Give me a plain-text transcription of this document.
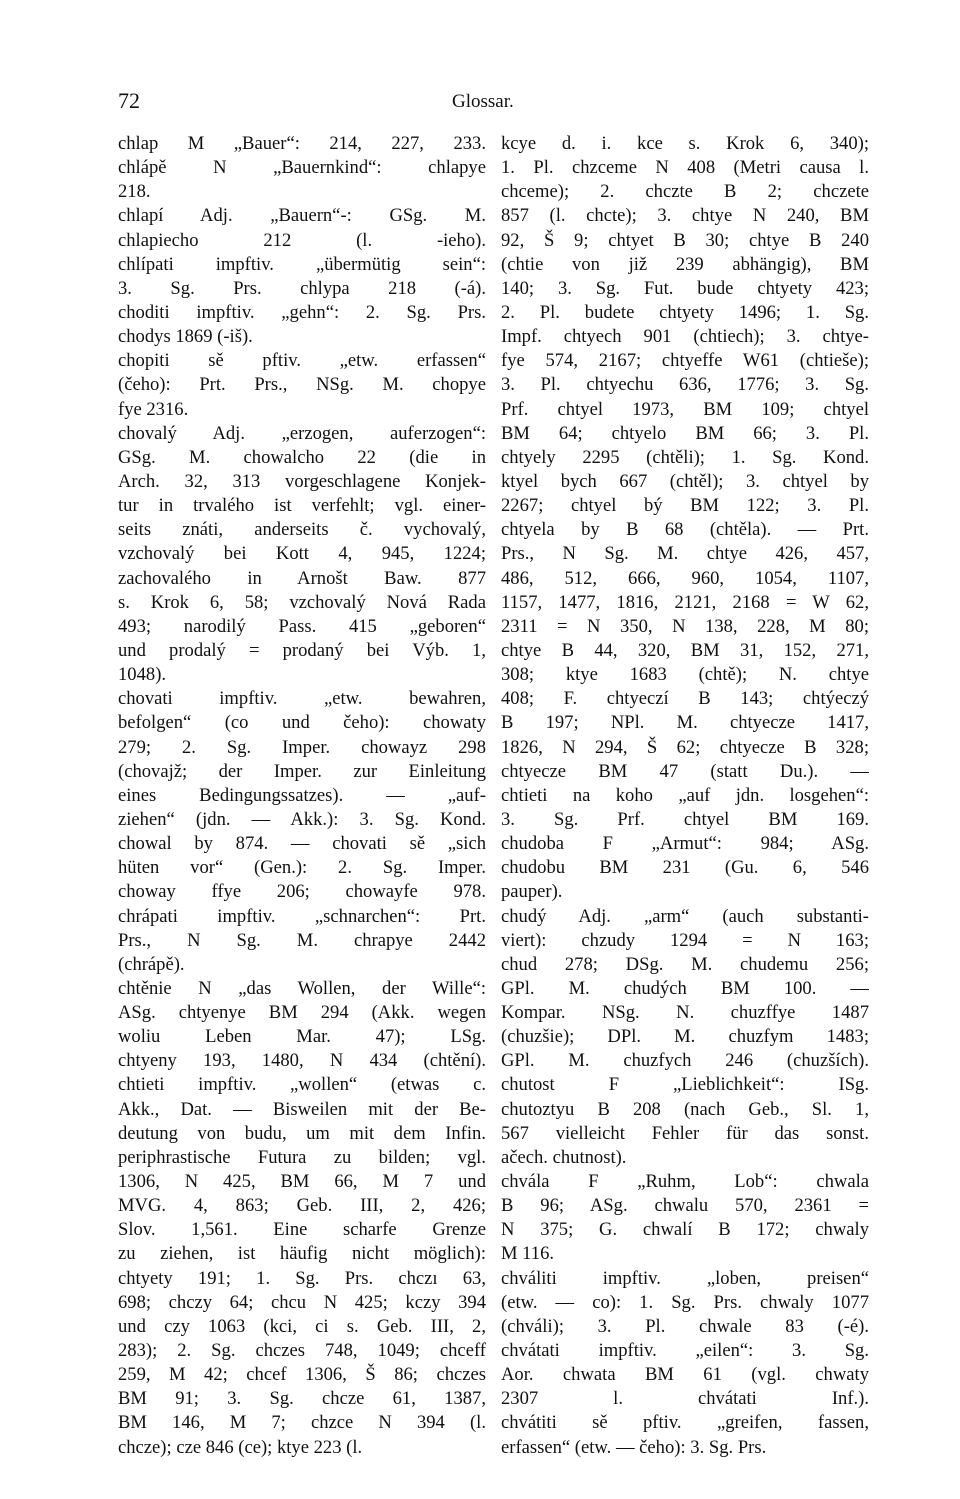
72	Glossar.
chlap M „Bauer“: 214, 227, 233.
chlápě N „Bauernkind“: chlapye
218.
chlapí Adj. „Bauern“-: GSg. M.
chlapiecho 212 (l. -ieho).
chlípati impftiv. „übermütig sein“:
3. Sg. Prs. chlypa 218 (-á).
choditi impftiv. „gehn“: 2. Sg. Prs.
chodys 1869 (-iš).
chopiti sě pftiv. „etw. erfassen“
(čeho): Prt. Prs., NSg. M. chopye
fye 2316.
chovalý Adj. „erzogen, auferzogen“:
GSg. M. chowalcho 22 (die in
Arch. 32, 313 vorgeschlagene Konjek-
tur in trvalého ist verfehlt; vgl. einer-
seits znáti, anderseits č. vychovalý,
vzchovalý bei Kott 4, 945, 1224;
zachovalého in Arnošt Baw. 877
s. Krok 6, 58; vzchovalý Nová Rada
493; narodilý Pass. 415 „geboren“
und prodalý = prodaný bei Výb. 1,
1048).
chovati impftiv. „etw. bewahren,
befolgen“ (co und čeho): chowaty
279; 2. Sg. Imper. chowayz 298
(chovajž; der Imper. zur Einleitung
eines Bedingungssatzes). — „auf-
ziehen“ (jdn. — Akk.): 3. Sg. Kond.
chowal by 874. — chovati sě „sich
hüten vor“ (Gen.): 2. Sg. Imper.
choway ffye 206; chowayfe 978.
chrápati impftiv. „schnarchen“: Prt.
Prs., N Sg. M. chrapye 2442
(chrápě).
chtěnie N „das Wollen, der Wille“:
ASg. chtyenye BM 294 (Akk. wegen
woliu Leben Mar. 47); LSg.
chtyeny 193, 1480, N 434 (chtění).
chtieti impftiv. „wollen“ (etwas c.
Akk., Dat. — Bisweilen mit der Be-
deutung von budu, um mit dem Infin.
periphrastische Futura zu bilden; vgl.
1306, N 425, BM 66, M 7 und
MVG. 4, 863; Geb. III, 2, 426;
Slov. 1,561. Eine scharfe Grenze
zu ziehen, ist häufig nicht möglich):
chtyety 191; 1. Sg. Prs. chczı 63,
698; chczy 64; chcu N 425; kczy 394
und czy 1063 (kci, ci s. Geb. III, 2,
283); 2. Sg. chczes 748, 1049; chceff
259, M 42; chcef 1306, Š 86; chczes
BM 91; 3. Sg. chcze 61, 1387,
BM 146, M 7; chzce N 394 (l.
chcze); cze 846 (ce); ktye 223 (l.
kcye d. i. kce s. Krok 6, 340);
1. Pl. chzceme N 408 (Metri causa l.
chceme); 2. chczte B 2; chczete
857 (l. chcte); 3. chtye N 240, BM
92, Š 9; chtyet B 30; chtye B 240
(chtie von již 239 abhängig), BM
140; 3. Sg. Fut. bude chtyety 423;
2. Pl. budete chtyety 1496; 1. Sg.
Impf. chtyech 901 (chtiech); 3. chtye-
fye 574, 2167; chtyeffe W61 (chtieše);
3. Pl. chtyechu 636, 1776; 3. Sg.
Prf. chtyel 1973, BM 109; chtyel
BM 64; chtyelo BM 66; 3. Pl.
chtyely 2295 (chtěli); 1. Sg. Kond.
ktyel bych 667 (chtěl); 3. chtyel by
2267; chtyel bý BM 122; 3. Pl.
chtyela by B 68 (chtěla). — Prt.
Prs., N Sg. M. chtye 426, 457,
486, 512, 666, 960, 1054, 1107,
1157, 1477, 1816, 2121, 2168 = W 62,
2311 = N 350, N 138, 228, M 80;
chtye B 44, 320, BM 31, 152, 271,
308; ktye 1683 (chtě); N. chtye
408; F. chtyeczí B 143; chtýeczý
B 197; NPl. M. chtyecze 1417,
1826, N 294, Š 62; chtyecze B 328;
chtyecze BM 47 (statt Du.). —
chtieti na koho „auf jdn. losgehen“:
3. Sg. Prf. chtyel BM 169.
chudoba F „Armut“: 984; ASg.
chudobu BM 231 (Gu. 6, 546
pauper).
chudý Adj. „arm“ (auch substanti-
viert): chzudy 1294 = N 163;
chud 278; DSg. M. chudemu 256;
GPl. M. chudých BM 100. —
Kompar. NSg. N. chuzffye 1487
(chuzšie); DPl. M. chuzfym 1483;
GPl. M. chuzfych 246 (chuzších).
chutost F „Lieblichkeit“: ISg.
chutoztyu B 208 (nach Geb., Sl. 1,
567 vielleicht Fehler für das sonst.
ačech. chutnost).
chvála F „Ruhm, Lob“: chwala
B 96; ASg. chwalu 570, 2361 =
N 375; G. chwalí B 172; chwaly
M 116.
chváliti impftiv. „loben, preisen“
(etw. — co): 1. Sg. Prs. chwaly 1077
(chváli); 3. Pl. chwale 83 (-é).
chvátati impftiv. „eilen“: 3. Sg.
Aor. chwata BM 61 (vgl. chwaty
2307 l. chvátati Inf.).
chvátiti sě pftiv. „greifen, fassen,
erfassen“ (etw. — čeho): 3. Sg. Prs.
